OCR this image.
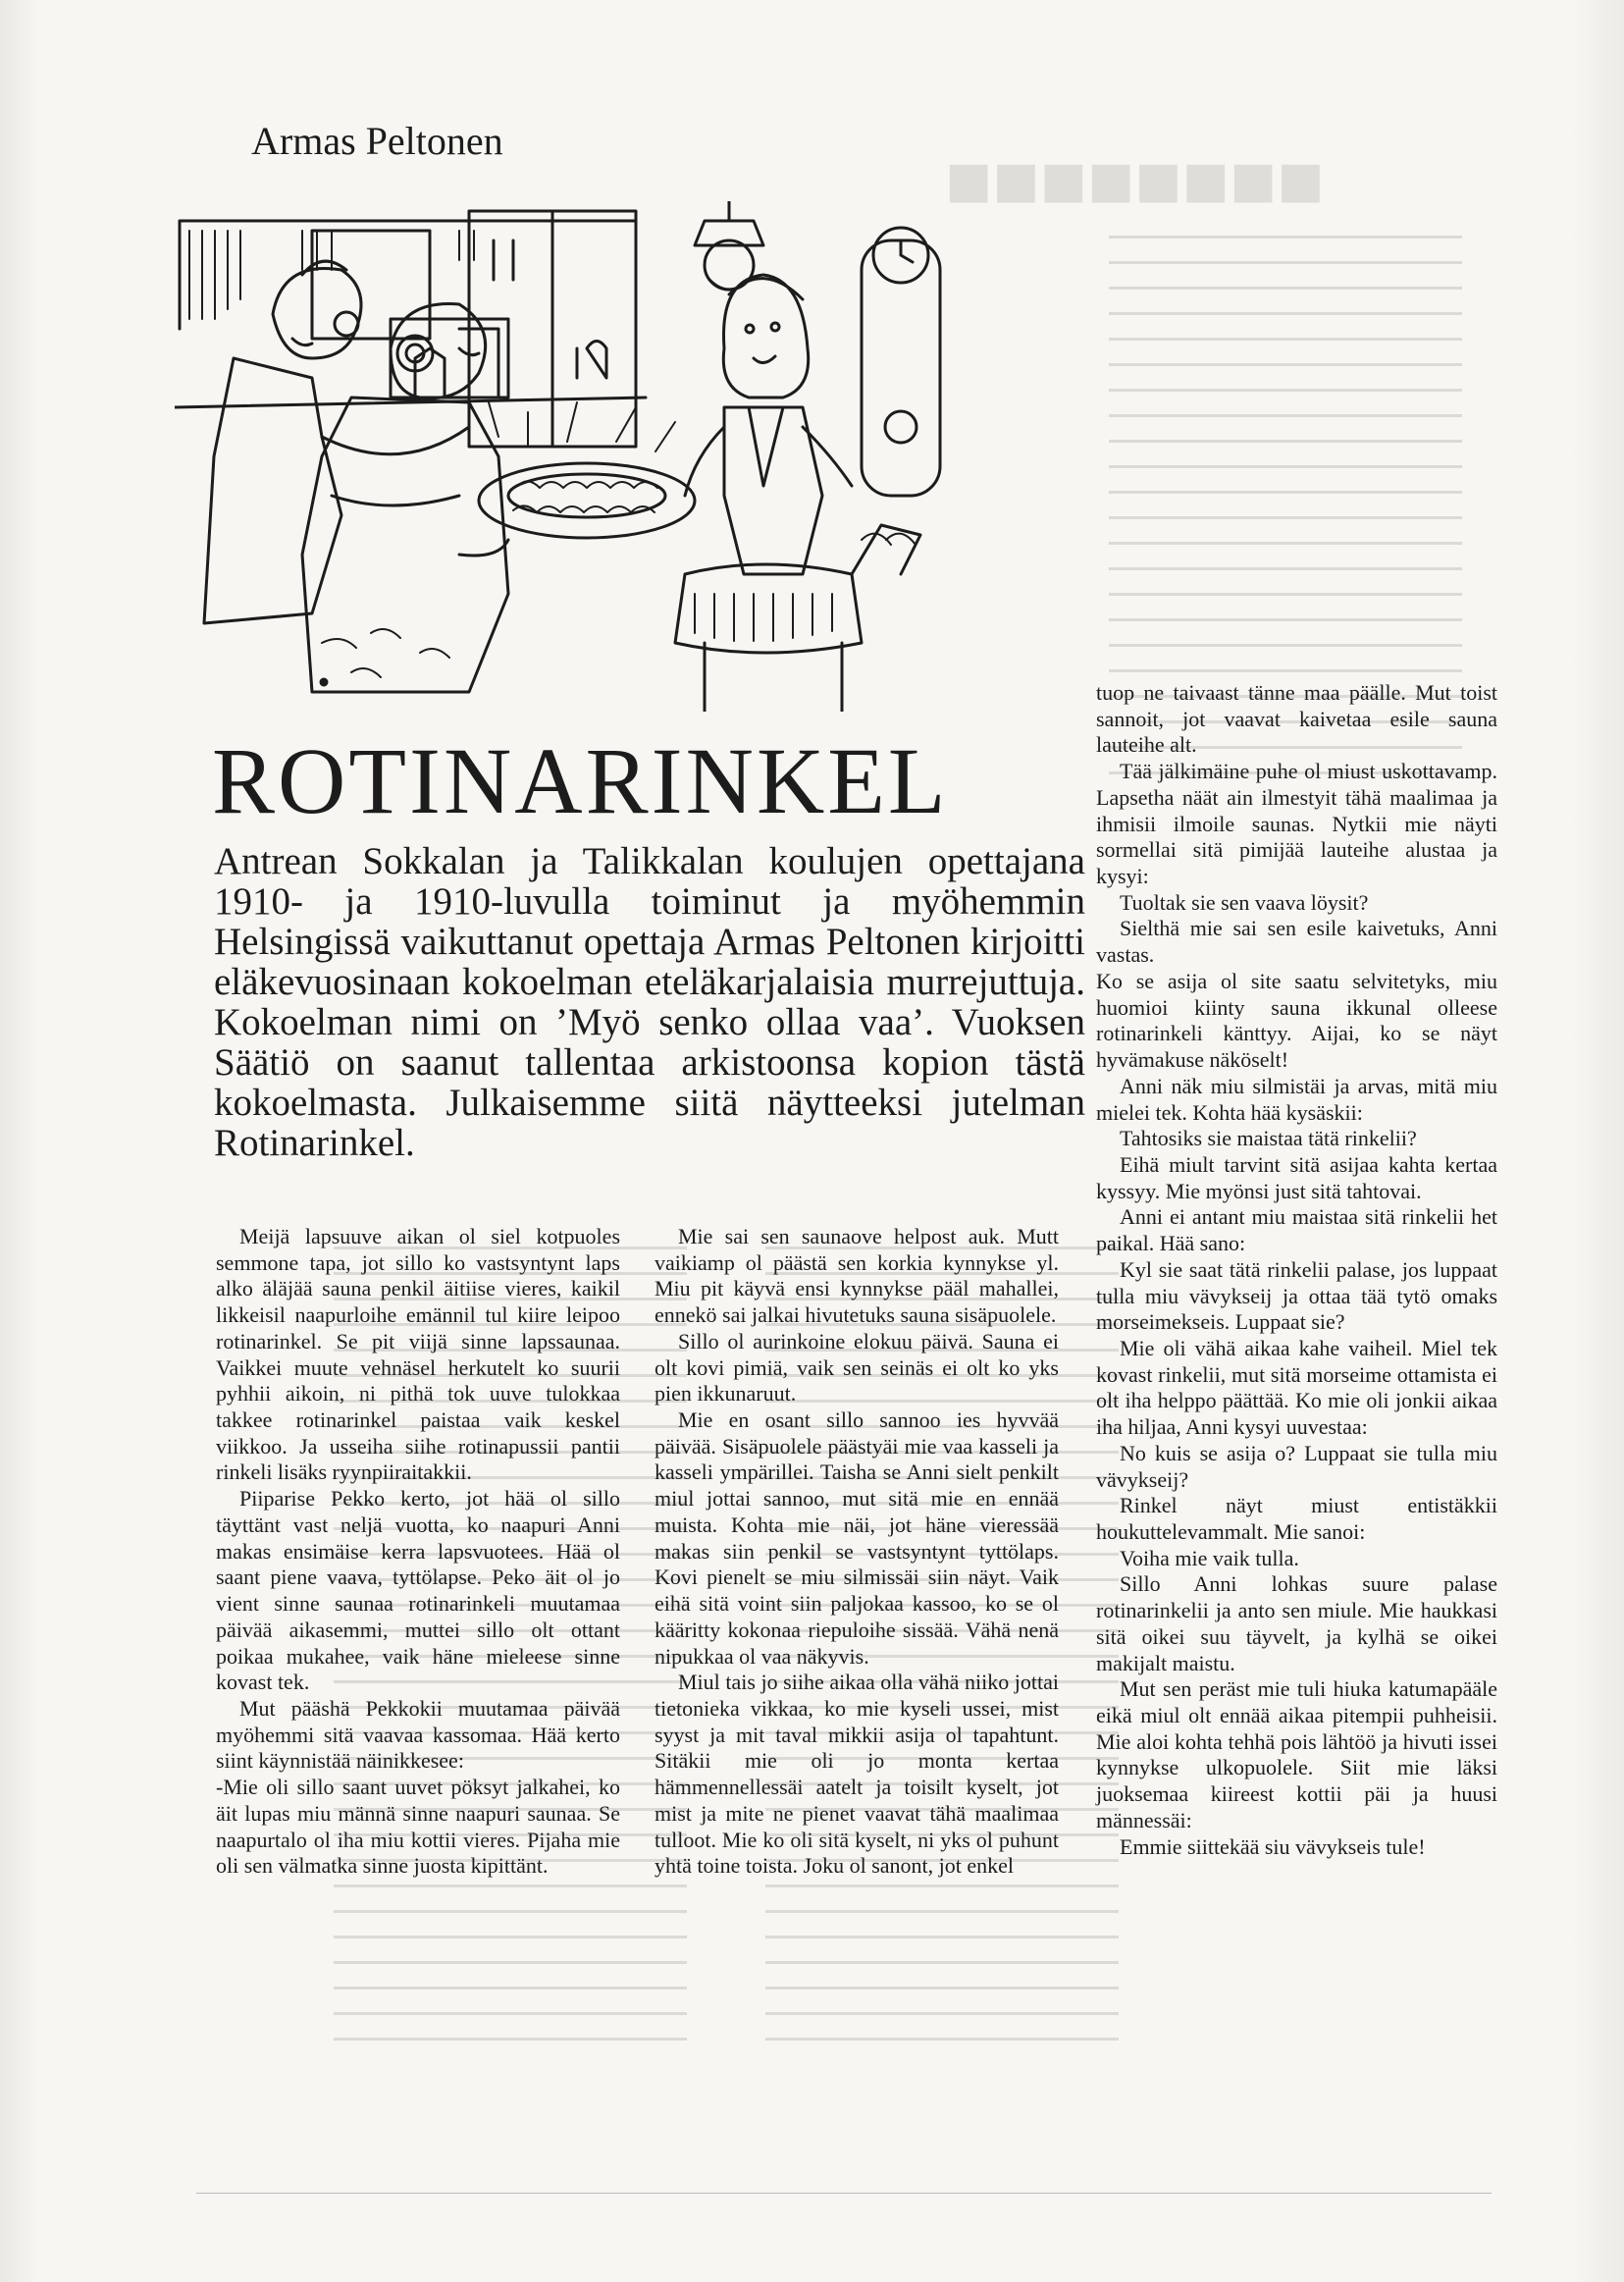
Armas Peltonen

ROTINARINKEL

Antrean Sokkalan ja Talikkalan koulujen opettajana 1910- ja 1910-luvulla toiminut ja myöhemmin Helsingissä vaikuttanut opettaja Armas Peltonen kirjoitti eläkevuosinaan kokoelman eteläkarjalaisia murrejuttuja. Kokoelman nimi on ’Myö senko ollaa vaa’. Vuoksen Säätiö on saanut tallentaa arkistoonsa kopion tästä kokoelmasta. Julkaisemme siitä näytteeksi jutelman Rotinarinkel.

Meijä lapsuuve aikan ol siel kotpuoles semmone tapa, jot sillo ko vastsyntynt laps alko äläjää sauna penkil äitiise vieres, kaikil likkeisil naapurloihe emännil tul kiire leipoo rotinarinkel. Se pit viijä sinne lapssaunaa. Vaikkei muute vehnäsel herkutelt ko suurii pyhhii aikoin, ni pithä tok uuve tulokkaa takkee rotinarinkel paistaa vaik keskel viikkoo. Ja usseiha siihe rotinapussii pantii rinkeli lisäks ryynpiiraitakkii.

Piiparise Pekko kerto, jot hää ol sillo täyttänt vast neljä vuotta, ko naapuri Anni makas ensimäise kerra lapsvuotees. Hää ol saant piene vaava, tyttölapse. Peko äit ol jo vient sinne saunaa rotinarinkeli muutamaa päivää aikasemmi, muttei sillo olt ottant poikaa mukahee, vaik häne mieleese sinne kovast tek.

Mut pääshä Pekkokii muutamaa päivää myöhemmi sitä vaavaa kassomaa. Hää kerto siint käynnistää näinikkesee:

-Mie oli sillo saant uuvet pöksyt jalkahei, ko äit lupas miu männä sinne naapuri saunaa. Se naapurtalo ol iha miu kottii vieres. Pijaha mie oli sen välmatka sinne juosta kipittänt.

Mie sai sen saunaove helpost auk. Mutt vaikiamp ol päästä sen korkia kynnykse yl. Miu pit käyvä ensi kynnykse pääl mahallei, ennekö sai jalkai hivutetuks sauna sisäpuolele.

Sillo ol aurinkoine elokuu päivä. Sauna ei olt kovi pimiä, vaik sen seinäs ei olt ko yks pien ikkunaruut.

Mie en osant sillo sannoo ies hyvvää päivää. Sisäpuolele päästyäi mie vaa kasseli ja kasseli ympärillei. Taisha se Anni sielt penkilt miul jottai sannoo, mut sitä mie en ennää muista. Kohta mie näi, jot häne vieressää makas siin penkil se vastsyntynt tyttölaps. Kovi pienelt se miu silmissäi siin näyt. Vaik eihä sitä voint siin paljokaa kassoo, ko se ol kääritty kokonaa riepuloihe sissää. Vähä nenä nipukkaa ol vaa näkyvis.

Miul tais jo siihe aikaa olla vähä niiko jottai tietonieka vikkaa, ko mie kyseli ussei, mist syyst ja mit taval mikkii asija ol tapahtunt. Sitäkii mie oli jo monta kertaa hämmennellessäi aatelt ja toisilt kyselt, jot mist ja mite ne pienet vaavat tähä maalimaa tulloot. Mie ko oli sitä kyselt, ni yks ol puhunt yhtä toine toista. Joku ol sanont, jot enkel

tuop ne taivaast tänne maa päälle. Mut toist sannoit, jot vaavat kaivetaa esile sauna lauteihe alt.

Tää jälkimäine puhe ol miust uskottavamp. Lapsetha näät ain ilmestyit tähä maalimaa ja ihmisii ilmoile saunas. Nytkii mie näyti sormellai sitä pimijää lauteihe alustaa ja kysyi:

Tuoltak sie sen vaava löysit?

Sielthä mie sai sen esile kaivetuks, Anni vastas.

Ko se asija ol site saatu selvitetyks, miu huomioi kiinty sauna ikkunal olleese rotinarinkeli känttyy. Aijai, ko se näyt hyvämakuse näköselt!

Anni näk miu silmistäi ja arvas, mitä miu mielei tek. Kohta hää kysäskii:

Tahtosiks sie maistaa tätä rinkelii?

Eihä miult tarvint sitä asijaa kahta kertaa kyssyy. Mie myönsi just sitä tahtovai.

Anni ei antant miu maistaa sitä rinkelii het paikal. Hää sano:

Kyl sie saat tätä rinkelii palase, jos luppaat tulla miu vävykseij ja ottaa tää tytö omaks morseimekseis. Luppaat sie?

Mie oli vähä aikaa kahe vaiheil. Miel tek kovast rinkelii, mut sitä morseime ottamista ei olt iha helppo päättää. Ko mie oli jonkii aikaa iha hiljaa, Anni kysyi uuvestaa:

No kuis se asija o? Luppaat sie tulla miu vävykseij?

Rinkel näyt miust entistäkkii houkuttelevammalt. Mie sanoi:

Voiha mie vaik tulla.

Sillo Anni lohkas suure palase rotinarinkelii ja anto sen miule. Mie haukkasi sitä oikei suu täyvelt, ja kylhä se oikei makijalt maistu.

Mut sen peräst mie tuli hiuka katumapääle eikä miul olt ennää aikaa pitempii puhheisii. Mie aloi kohta tehhä pois lähtöö ja hivuti issei kynnykse ulkopuolele. Siit mie läksi juoksemaa kiireest kottii päi ja huusi männessäi:

Emmie siittekää siu vävykseis tule!
